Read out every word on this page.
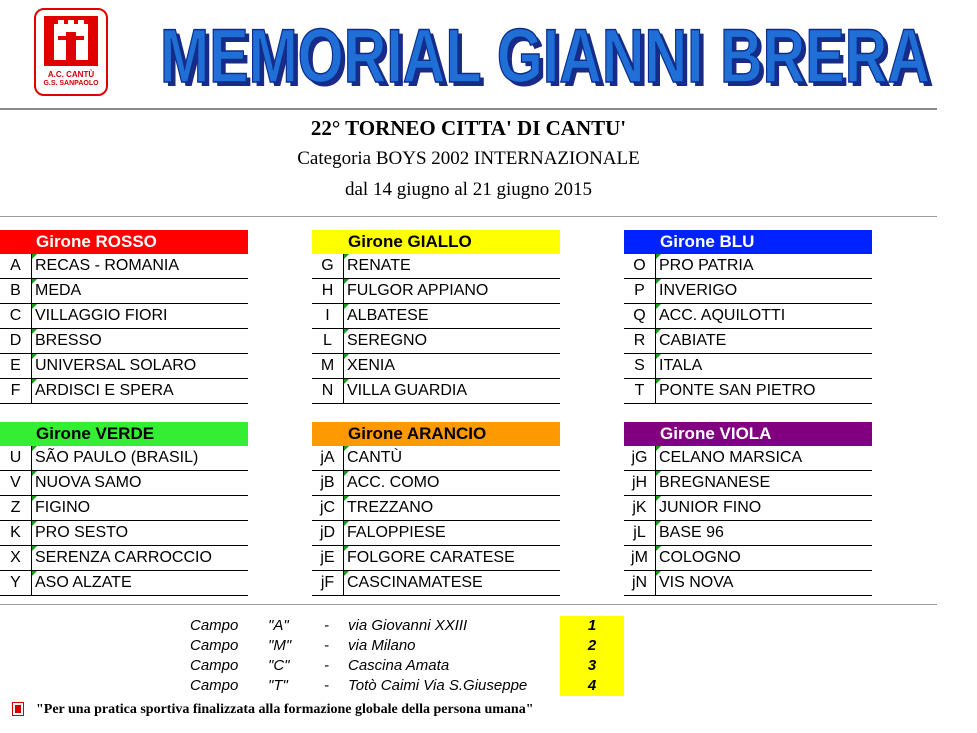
A.C. CANTÙ
G.S. SANPAOLO MEMORIAL GIANNI BRERA
MEMORIAL GIANNI BRERA
22° TORNEO CITTA' DI CANTU'
Categoria BOYS 2002 INTERNAZIONALE
dal 14 giugno al 21 giugno 2015
Girone ROSSO
A RECAS - ROMANIA
B MEDA
C VILLAGGIO FIORI
D BRESSO
E UNIVERSAL SOLARO
F ARDISCI E SPERA
Girone GIALLO
G RENATE
H FULGOR APPIANO
I	ALBATESE
L SEREGNO
M XENIA
N VILLA GUARDIA
Girone BLU
O PRO PATRIA
P INVERIGO
Q ACC. AQUILOTTI
R CABIATE
S ITALA
T PONTE SAN PIETRO
Girone VERDE
U SÃO PAULO (BRASIL)
V NUOVA SAMO
Z FIGINO
K PRO SESTO
X SERENZA CARROCCIO
Y ASO ALZATE
Girone ARANCIO
jA CANTÙ
jB ACC. COMO
jC TREZZANO
jD FALOPPIESE
jE FOLGORE CARATESE
jF CASCINAMATESE
Girone VIOLA
jG CELANO MARSICA
jH BREGNANESE
jK JUNIOR FINO
jL BASE 96
jM COLOGNO
jN VIS NOVA
Campo "A" - via Giovanni XXIII	1
Campo "M" - via Milano	2
Campo "C" - Cascina Amata	3
Campo "T" - Totò Caimi Via S.Giuseppe	4
"Per una pratica sportiva finalizzata alla formazione globale della persona umana"
